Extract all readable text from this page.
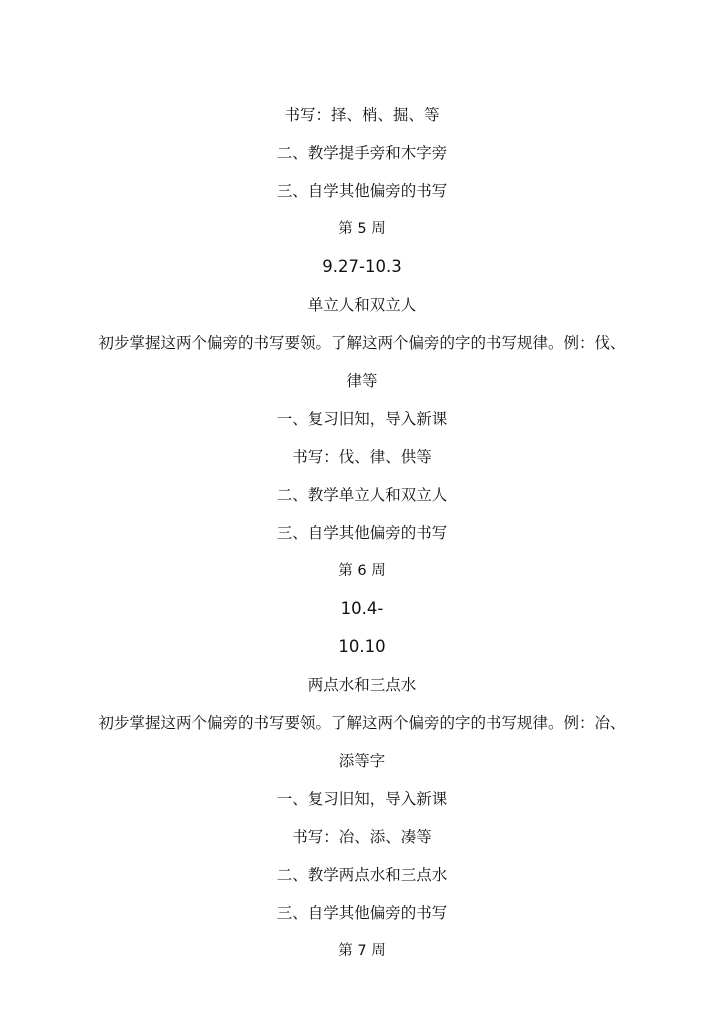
书写：择、梢、掘、等
二、教学提手旁和木字旁
三、自学其他偏旁的书写
第 5 周
9.27-10.3
单立人和双立人
初步掌握这两个偏旁的书写要领。了解这两个偏旁的字的书写规律。例：伐、
律等
一、复习旧知，导入新课
书写：伐、律、供等
二、教学单立人和双立人
三、自学其他偏旁的书写
第 6 周
10.4-
10.10
两点水和三点水
初步掌握这两个偏旁的书写要领。了解这两个偏旁的字的书写规律。例：冶、
添等字
一、复习旧知，导入新课
书写：冶、添、凑等
二、教学两点水和三点水
三、自学其他偏旁的书写
第 7 周
